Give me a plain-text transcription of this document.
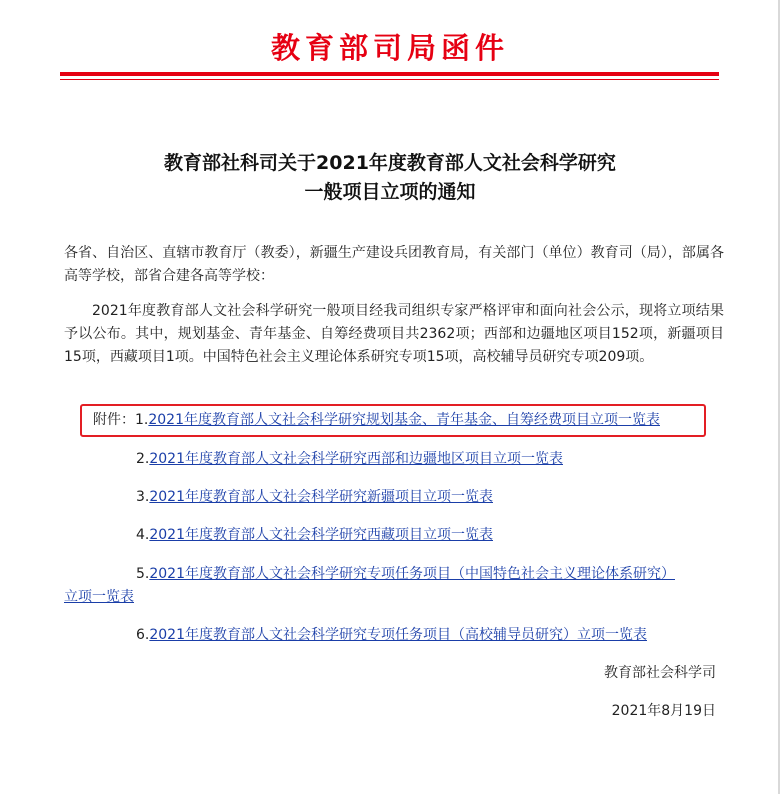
教育部司局函件
教育部社科司关于2021年度教育部人文社会科学研究
一般项目立项的通知
各省、自治区、直辖市教育厅（教委），新疆生产建设兵团教育局，有关部门（单位）教育司（局），部属各高等学校，部省合建各高等学校：
2021年度教育部人文社会科学研究一般项目经我司组织专家严格评审和面向社会公示，现将立项结果予以公布。其中，规划基金、青年基金、自筹经费项目共2362项；西部和边疆地区项目152项，新疆项目15项，西藏项目1项。中国特色社会主义理论体系研究专项15项，高校辅导员研究专项209项。
附件：1.2021年度教育部人文社会科学研究规划基金、青年基金、自筹经费项目立项一览表
2.2021年度教育部人文社会科学研究西部和边疆地区项目立项一览表
3.2021年度教育部人文社会科学研究新疆项目立项一览表
4.2021年度教育部人文社会科学研究西藏项目立项一览表
5.2021年度教育部人文社会科学研究专项任务项目（中国特色社会主义理论体系研究）
立项一览表
6.2021年度教育部人文社会科学研究专项任务项目（高校辅导员研究）立项一览表
教育部社会科学司
2021年8月19日
